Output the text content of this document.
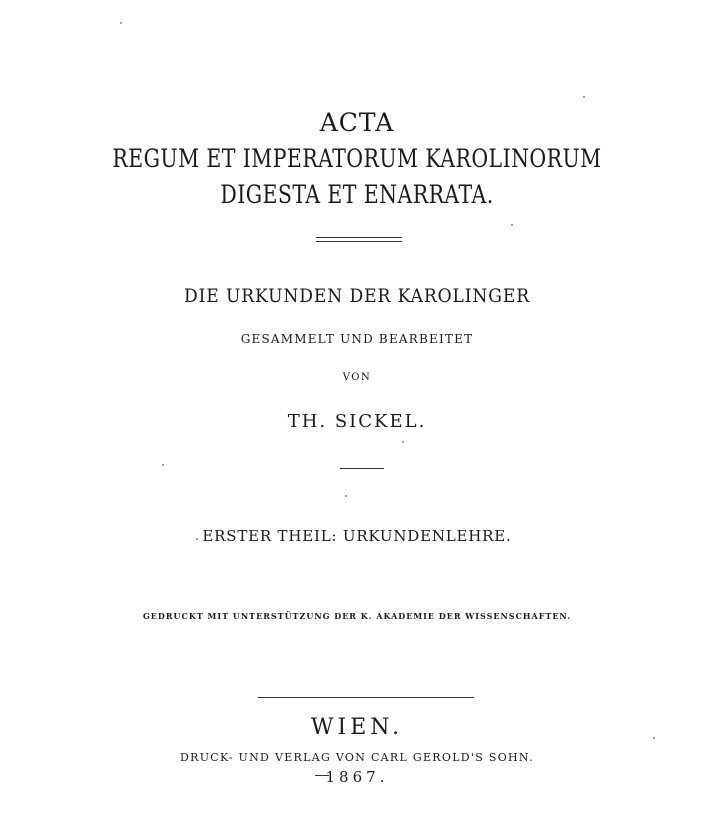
ACTA
REGUM ET IMPERATORUM KAROLINORUM
DIGESTA ET ENARRATA.
DIE URKUNDEN DER KAROLINGER
GESAMMELT UND BEARBEITET
VON
TH. SICKEL.
ERSTER THEIL: URKUNDENLEHRE.
GEDRUCKT MIT UNTERSTÜTZUNG DER K. AKADEMIE DER WISSENSCHAFTEN.
WIEN.
DRUCK- UND VERLAG VON CARL GEROLD'S SOHN.
1867.
